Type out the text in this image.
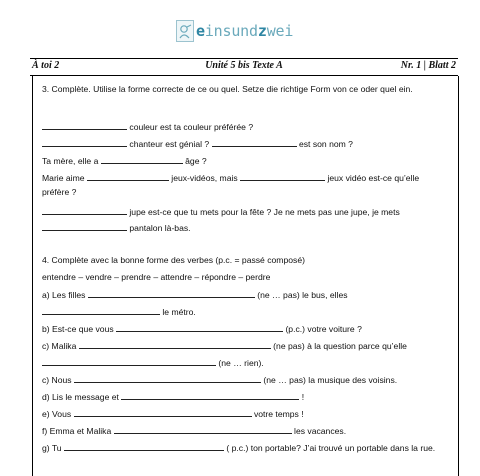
einsundzwei
À toi 2	Unité 5 bis Texte A	Nr. 1 | Blatt 2
3. Complète. Utilise la forme correcte de ce ou quel. Setze die richtige Form von ce oder quel ein.
couleur est ta couleur préférée ?
chanteur est génial ?	est son nom ?
Ta mère, elle a	âge ?
Marie aime	jeux-vidéos, mais	jeux vidéo est-ce qu’elle
préfère ?
jupe est-ce que tu mets pour la fête ? Je ne mets pas une jupe, je mets
pantalon là-bas.
4. Complète avec la bonne forme des verbes (p.c. = passé composé)
entendre – vendre – prendre – attendre – répondre – perdre
a) Les filles	(ne … pas) le bus, elles
le métro.
b) Est-ce que vous	(p.c.) votre voiture ?
c) Malika	(ne pas) à la question parce qu’elle
(ne … rien).
c) Nous	(ne … pas) la musique des voisins.
d) Lis le message et	!
e) Vous	votre temps !
f) Emma et Malika	les vacances.
g) Tu	( p.c.) ton portable? J’ai trouvé un portable dans la rue.
